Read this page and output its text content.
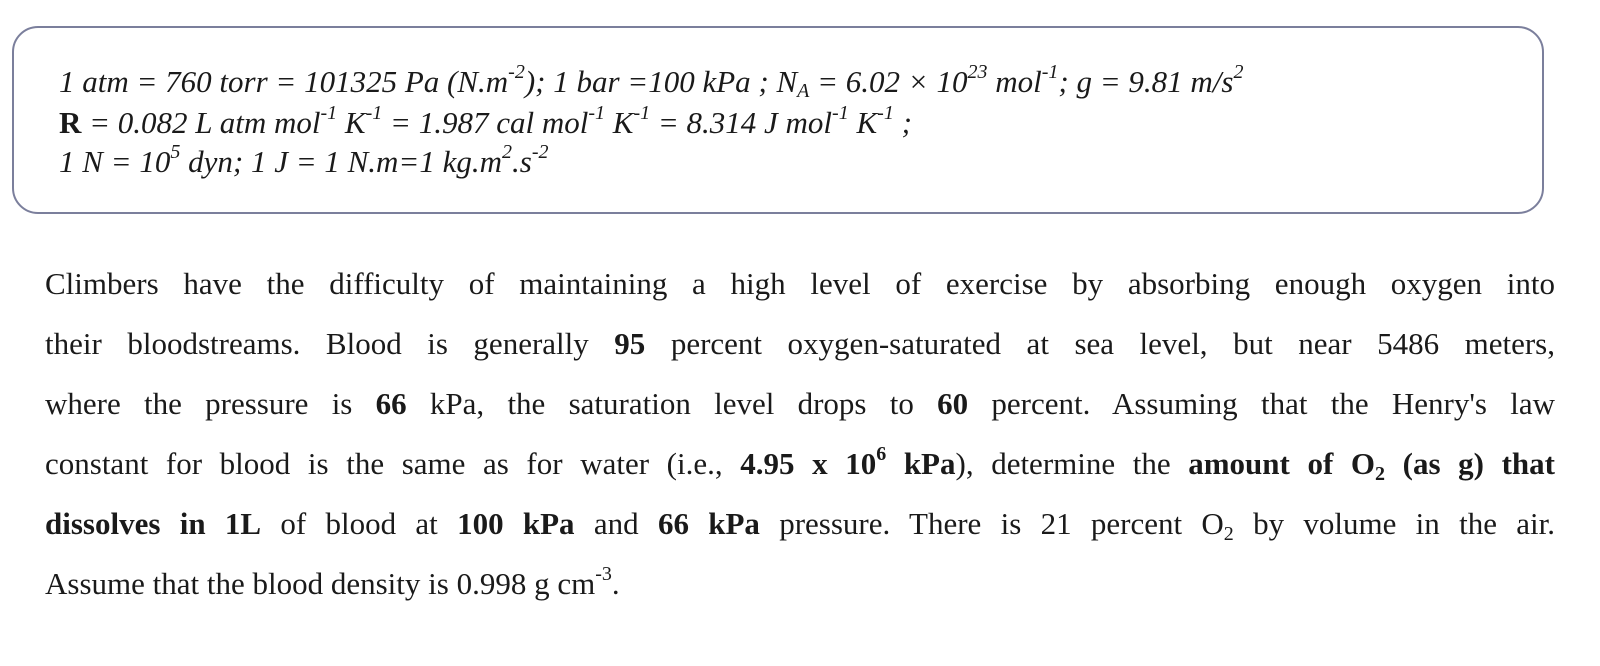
1 atm = 760 torr = 101325 Pa $(N.m^{-2})$; 1 bar =100 kPa ; $N_A = 6.02 \times 10^{23}$ mol$^{-1}$; g = 9.81 $m/s^2$
R = 0.082 L atm mol$^{-1}$ $K^{-1} = 1.987$ cal mol$^{-1}$ $K^{-1} = 8.314$ J mol$^{-1}$ $K^{-1}$ ;
1 $N = 10^5$ dyn; 1 J = 1 N.m=1 $kg.m^2.s^{-2}$
Climbers have the difficulty of maintaining a high level of exercise by absorbing enough oxygen into
their bloodstreams. Blood is generally 95 percent oxygen-saturated at sea level, but near 5486 meters,
where the pressure is 66 kPa, the saturation level drops to 60 percent. Assuming that the Henry's law
constant for blood is the same as for water (i.e., 4.95 x $10^6$ kPa), determine the amount of $O_2$ (as g) that
dissolves in 1L of blood at 100 kPa and 66 kPa pressure. There is 21 percent $O_2$ by volume in the air.
Assume that the blood density is 0.998 g $cm^{-3}$.
